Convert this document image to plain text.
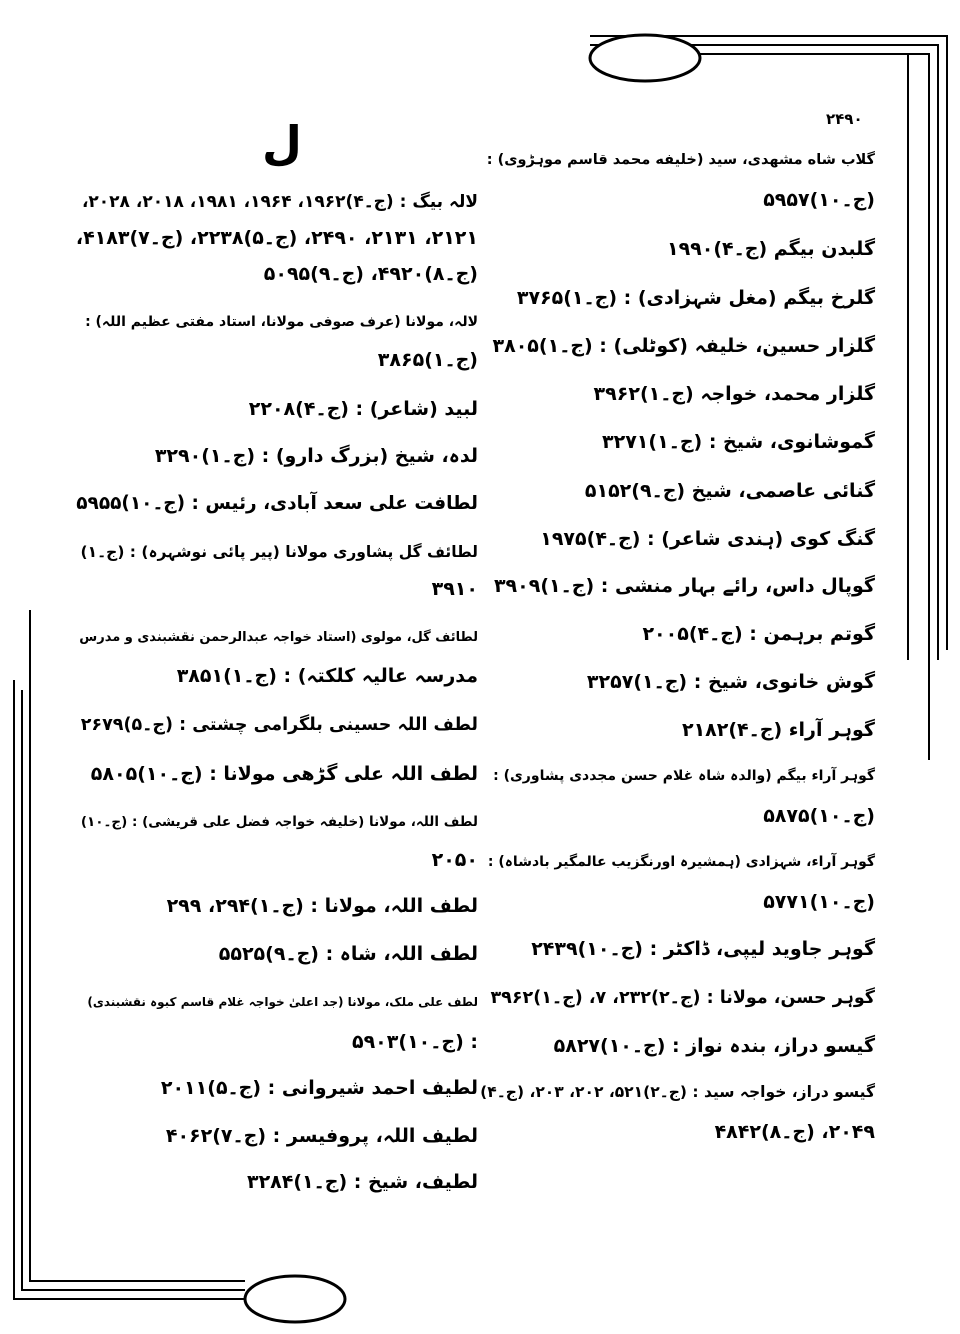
۲۴۹۰
ل	گلاب شاه مشهدی، سید (خلیفه محمد قاسم موہڑوی) :
(ج۔۱۰)۵۹۵۷
گلبدن بیگم (ج۔۴)۱۹۹۰
گلرخ بیگم (مغل شہزادی) : (ج۔۱)۳۷۶۵
گلزار حسین، خلیفہ (کوٹلی) : (ج۔۱)۳۸۰۵
گلزار محمد، خواجہ (ج۔۱)۳۹۶۲
گموشانوی، شیخ : (ج۔۱)۳۲۷۱
گنائی عاصمی، شیخ (ج۔۹)۵۱۵۲
گنگ کوی (ہندی شاعر) : (ج۔۴)۱۹۷۵
گوپال داس، رائے بہار منشی : (ج۔۱)۳۹۰۹
گوتم برہمن : (ج۔۴)۲۰۰۵
گوش خانوی، شیخ : (ج۔۱)۳۲۵۷
گوہر آراء (ج۔۴)۲۱۸۲
گوہر آراء بیگم (والدہ شاہ غلام حسن مجددی پشاوری) :
(ج۔۱۰)۵۸۷۵
گوہر آراء، شہزادی (ہمشیرہ اورنگزیب عالمگیر بادشاہ) :
(ج۔۱۰)۵۷۷۱
گوہر جاوید لیپی، ڈاکٹر : (ج۔۱۰)۲۴۳۹
گوہر حسن، مولانا : (ج۔۲)۲۳۲، ۷، (ج۔۱)۳۹۶۲
گیسو دراز، بندہ نواز : (ج۔۱۰)۵۸۲۷
گیسو دراز، خواجہ سید : (ج۔۲)۵۲۱، ۲۰۲، ۲۰۳، (ج۔۴)
۲۰۴۹، (ج۔۸)۴۸۴۲
لالہ بیگ : (ج۔۴)۱۹۶۲، ۱۹۶۴، ۱۹۸۱، ۲۰۱۸، ۲۰۲۸،
۲۱۲۱، ۲۱۳۱، ۲۴۹۰، (ج۔۵)۲۲۳۸، (ج۔۷)۴۱۸۳،
(ج۔۸)۴۹۲۰، (ج۔۹)۵۰۹۵
لالہ، مولانا (عرف صوفی مولانا، استاد مفتی عظیم اللہ) :
(ج۔۱)۳۸۶۵
لبید (شاعر) : (ج۔۴)۲۲۰۸
لدہ، شیخ (بزرگ دارو) : (ج۔۱)۳۲۹۰
لطافت علی سعد آبادی، رئیس : (ج۔۱۰)۵۹۵۵
لطائف گل پشاوری مولانا (پیر پائی نوشہرہ) : (ج۔۱)
۳۹۱۰
لطائف گل، مولوی (استاد خواجہ عبدالرحمن نقشبندی و مدرس
مدرسہ عالیہ کلکتہ) : (ج۔۱)۳۸۵۱
لطف اللہ حسینی بلگرامی چشتی : (ج۔۵)۲۶۷۹
لطف اللہ علی گڑھی مولانا : (ج۔۱۰)۵۸۰۵
لطف اللہ، مولانا (خلیفہ خواجہ فضل علی قریشی) : (ج۔۱۰)
۲۰۵۰
لطف اللہ، مولانا : (ج۔۱)۲۹۴، ۲۹۹
لطف اللہ، شاہ : (ج۔۹)۵۵۲۵
لطف علی ملک، مولانا (جد اعلیٰ خواجہ غلام قاسم کبوہ نقشبندی)
: (ج۔۱۰)۵۹۰۳
لطیف احمد شیروانی : (ج۔۵)۲۰۱۱
لطیف اللہ، پروفیسر : (ج۔۷)۴۰۶۲
لطیف، شیخ : (ج۔۱)۳۲۸۴
